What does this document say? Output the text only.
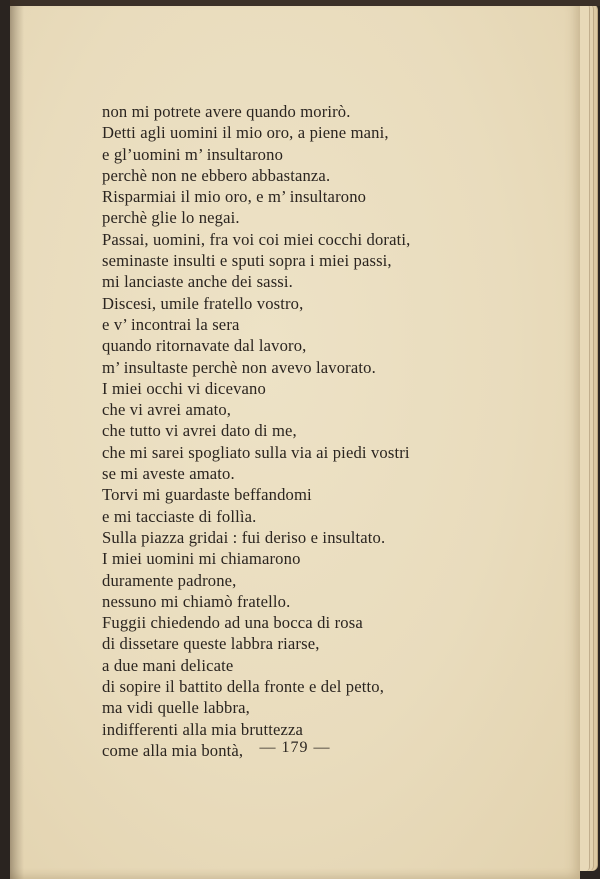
non mi potrete avere quando morirò.
Detti agli uomini il mio oro, a piene mani,
e gl’uomini m’ insultarono
perchè non ne ebbero abbastanza.
Risparmiai il mio oro, e m’ insultarono
perchè glie lo negai.
Passai, uomini, fra voi coi miei cocchi dorati,
seminaste insulti e sputi sopra i miei passi,
mi lanciaste anche dei sassi.
Discesi, umile fratello vostro,
e v’ incontrai la sera
quando ritornavate dal lavoro,
m’ insultaste perchè non avevo lavorato.
I miei occhi vi dicevano
che vi avrei amato,
che tutto vi avrei dato di me,
che mi sarei spogliato sulla via ai piedi vostri
se mi aveste amato.
Torvi mi guardaste beffandomi
e mi tacciaste di follìa.
Sulla piazza gridai : fui deriso e insultato.
I miei uomini mi chiamarono
duramente padrone,
nessuno mi chiamò fratello.
Fuggii chiedendo ad una bocca di rosa
di dissetare queste labbra riarse,
a due mani delicate
di sopire il battito della fronte e del petto,
ma vidi quelle labbra,
indifferenti alla mia bruttezza
come alla mia bontà,	— 179 —
